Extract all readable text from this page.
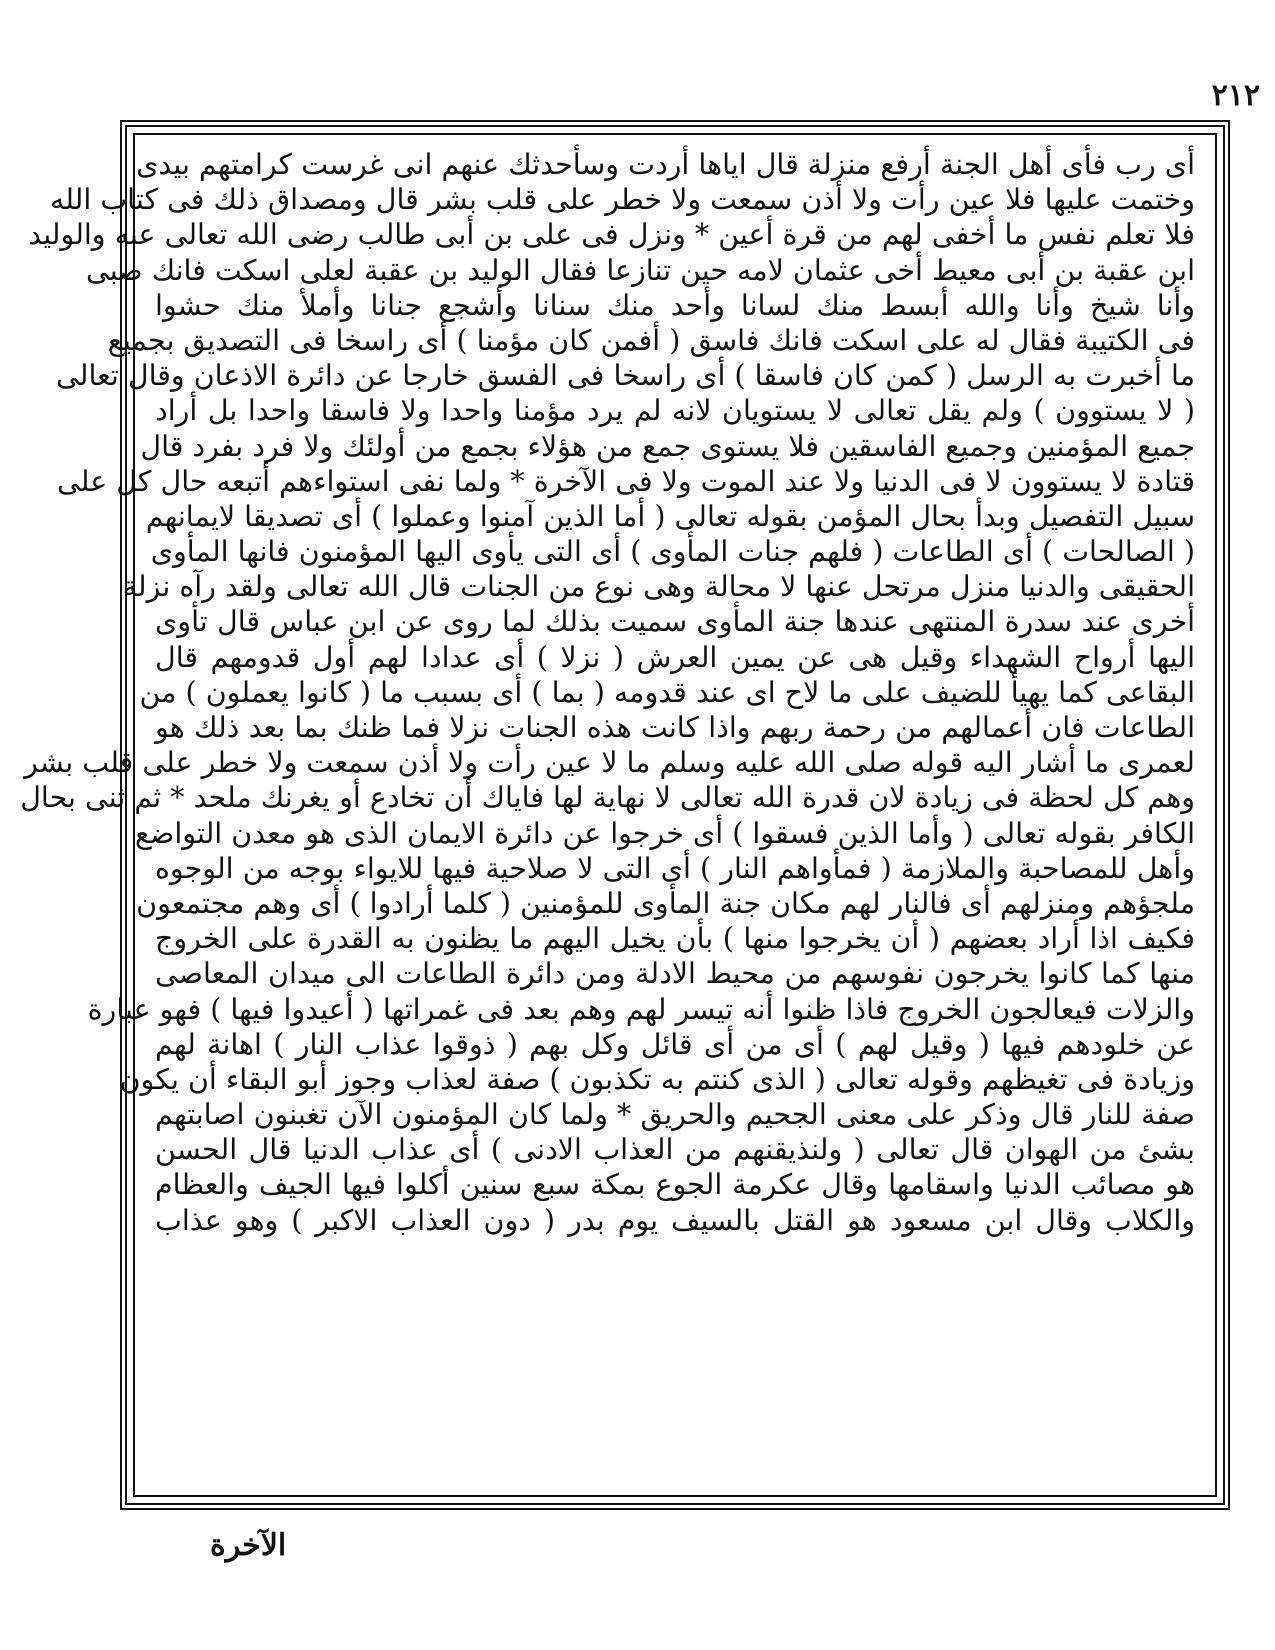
٢١٢
أى رب فأى أهل الجنة أرفع منزلة قال اياها أردت وسأحدثك عنهم انى غرست كرامتهم بيدى
وختمت عليها فلا عين رأت ولا أذن سمعت ولا خطر على قلب بشر قال ومصداق ذلك فى كتاب الله
فلا تعلم نفس ما أخفى لهم من قرة أعين * ونزل فى على بن أبى طالب رضى الله تعالى عنه والوليد
ابن عقبة بن أبى معيط أخى عثمان لامه حين تنازعا فقال الوليد بن عقبة لعلى اسكت فانك صبى
وأنا شيخ وأنا والله أبسط منك لسانا وأحد منك سنانا وأشجع جنانا وأملأ منك حشوا
فى الكتيبة فقال له على اسكت فانك فاسق ( أفمن كان مؤمنا ) أى راسخا فى التصديق بجميع
ما أخبرت به الرسل ( كمن كان فاسقا ) أى راسخا فى الفسق خارجا عن دائرة الاذعان وقال تعالى
( لا يستوون ) ولم يقل تعالى لا يستويان لانه لم يرد مؤمنا واحدا ولا فاسقا واحدا بل أراد
جميع المؤمنين وجميع الفاسقين فلا يستوى جمع من هؤلاء بجمع من أولئك ولا فرد بفرد قال
قتادة لا يستوون لا فى الدنيا ولا عند الموت ولا فى الآخرة * ولما نفى استواءهم أتبعه حال كل على
سبيل التفصيل وبدأ بحال المؤمن بقوله تعالى ( أما الذين آمنوا وعملوا ) أى تصديقا لايمانهم
( الصالحات ) أى الطاعات ( فلهم جنات المأوى ) أى التى يأوى اليها المؤمنون فانها المأوى
الحقيقى والدنيا منزل مرتحل عنها لا محالة وهى نوع من الجنات قال الله تعالى ولقد رآه نزلة
أخرى عند سدرة المنتهى عندها جنة المأوى سميت بذلك لما روى عن ابن عباس قال تأوى
اليها أرواح الشهداء وقيل هى عن يمين العرش ( نزلا ) أى عدادا لهم أول قدومهم قال
البقاعى كما يهيأ للضيف على ما لاح اى عند قدومه ( بما ) أى بسبب ما ( كانوا يعملون ) من
الطاعات فان أعمالهم من رحمة ربهم واذا كانت هذه الجنات نزلا فما ظنك بما بعد ذلك هو
لعمرى ما أشار اليه قوله صلى الله عليه وسلم ما لا عين رأت ولا أذن سمعت ولا خطر على قلب بشر
وهم كل لحظة فى زيادة لان قدرة الله تعالى لا نهاية لها فاياك أن تخادع أو يغرنك ملحد * ثم ثنى بحال
الكافر بقوله تعالى ( وأما الذين فسقوا ) أى خرجوا عن دائرة الايمان الذى هو معدن التواضع
وأهل للمصاحبة والملازمة ( فمأواهم النار ) أى التى لا صلاحية فيها للايواء بوجه من الوجوه
ملجؤهم ومنزلهم أى فالنار لهم مكان جنة المأوى للمؤمنين ( كلما أرادوا ) أى وهم مجتمعون
فكيف اذا أراد بعضهم ( أن يخرجوا منها ) بأن يخيل اليهم ما يظنون به القدرة على الخروج
منها كما كانوا يخرجون نفوسهم من محيط الادلة ومن دائرة الطاعات الى ميدان المعاصى
والزلات فيعالجون الخروج فاذا ظنوا أنه تيسر لهم وهم بعد فى غمراتها ( أعيدوا فيها ) فهو عبارة
عن خلودهم فيها ( وقيل لهم ) أى من أى قائل وكل بهم ( ذوقوا عذاب النار ) اهانة لهم
وزيادة فى تغيظهم وقوله تعالى ( الذى كنتم به تكذبون ) صفة لعذاب وجوز أبو البقاء أن يكون
صفة للنار قال وذكر على معنى الجحيم والحريق * ولما كان المؤمنون الآن تغبنون اصابتهم
بشئ من الهوان قال تعالى ( ولنذيقنهم من العذاب الادنى ) أى عذاب الدنيا قال الحسن
هو مصائب الدنيا واسقامها وقال عكرمة الجوع بمكة سبع سنين أكلوا فيها الجيف والعظام
والكلاب وقال ابن مسعود هو القتل بالسيف يوم بدر ( دون العذاب الاكبر ) وهو عذاب
الآخرة
